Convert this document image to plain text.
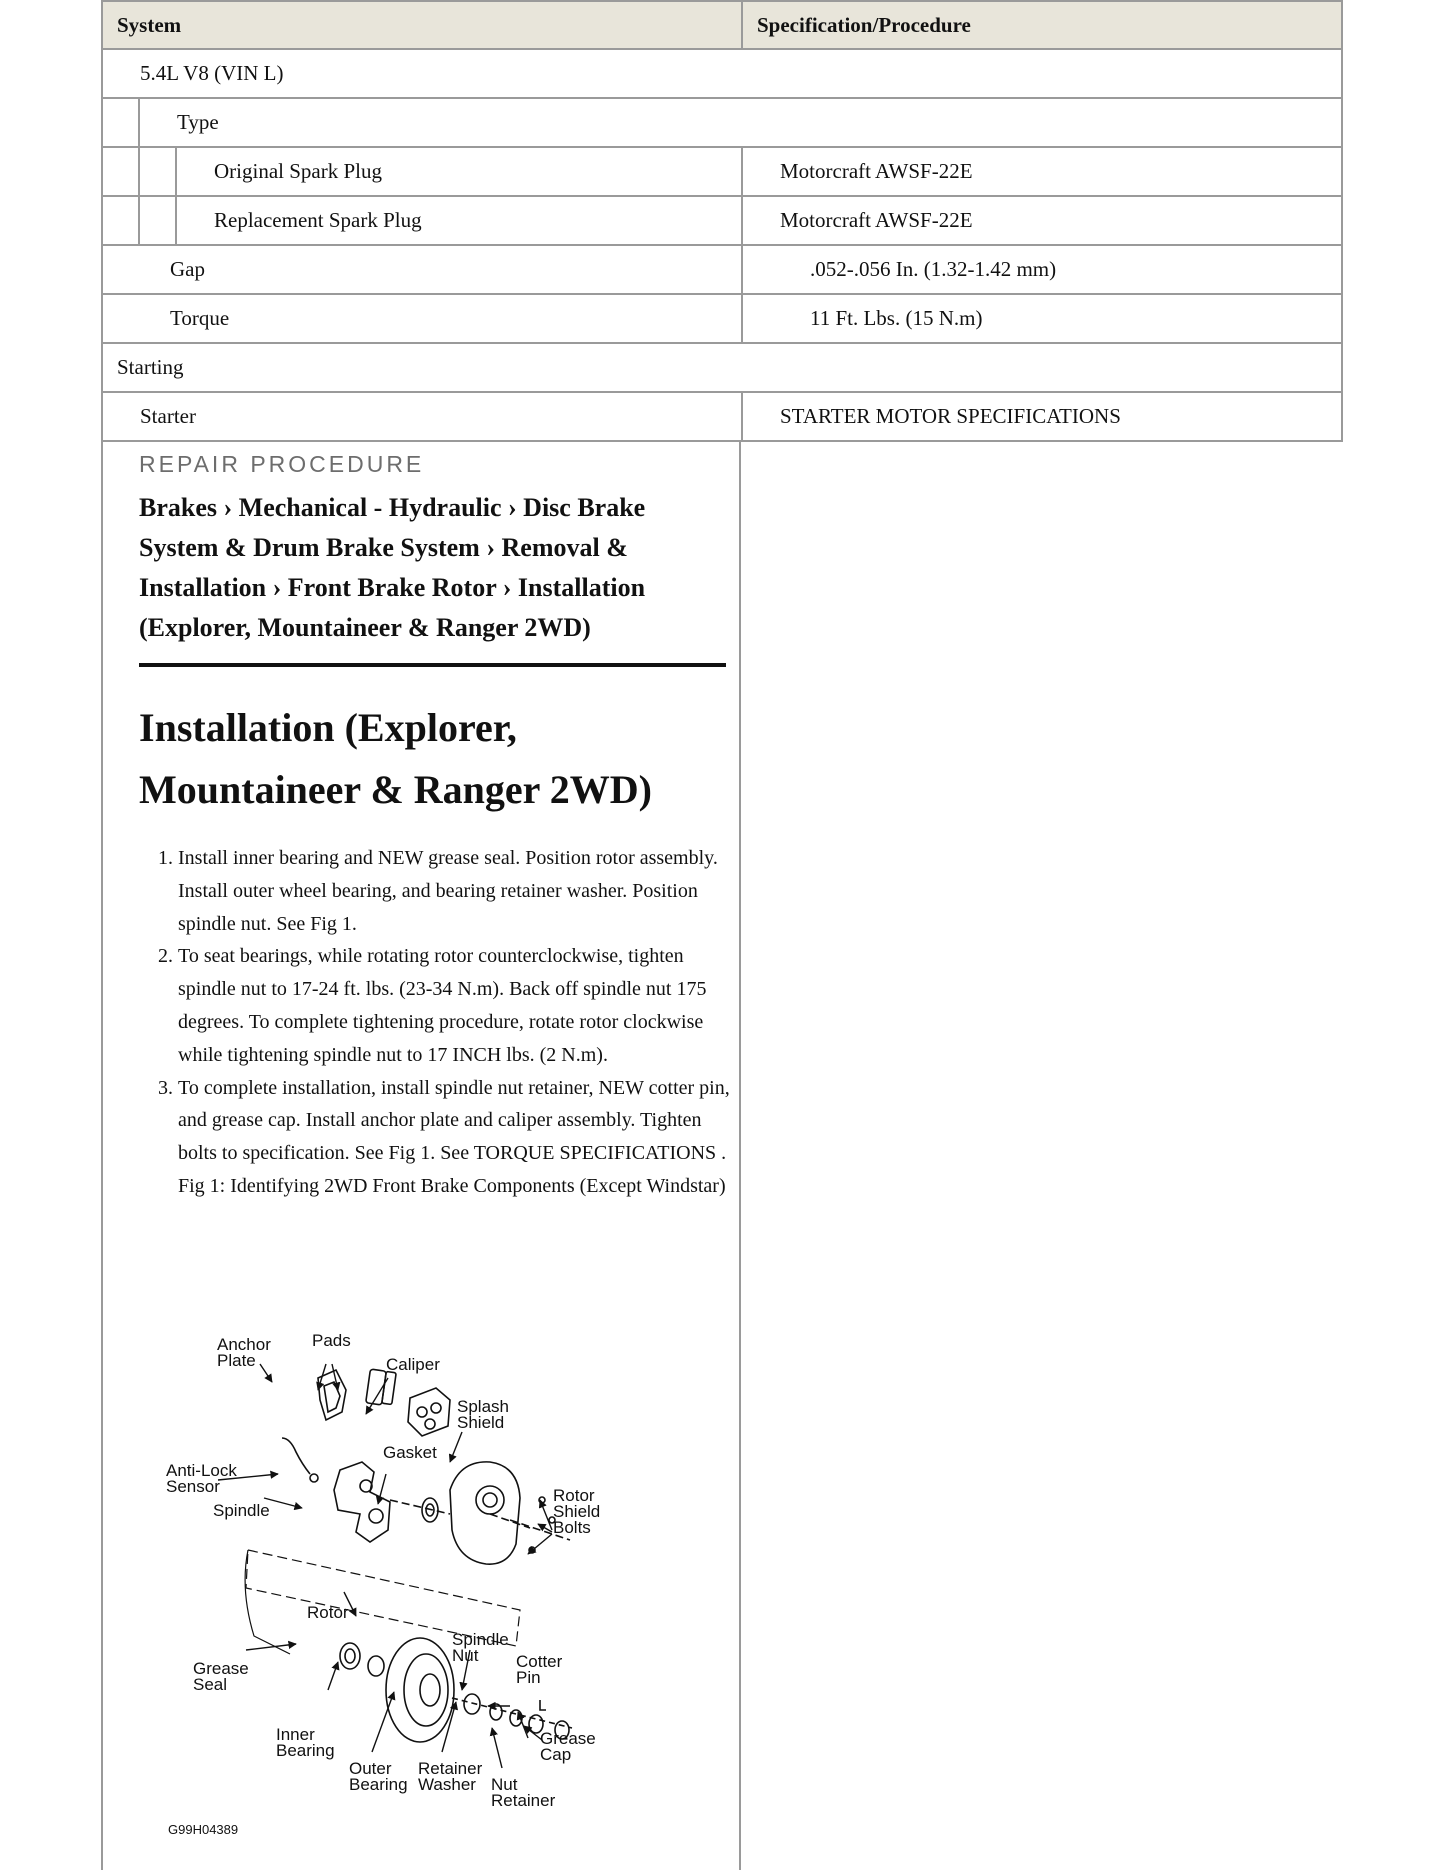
System	Specification/Procedure
5.4L V8 (VIN L)
Type
Original Spark Plug	Motorcraft AWSF-22E
Replacement Spark Plug	Motorcraft AWSF-22E
Gap	.052-.056 In. (1.32-1.42 mm)
Torque	11 Ft. Lbs. (15 N.m)
Starting
Starter	STARTER MOTOR SPECIFICATIONS
REPAIR PROCEDURE
Brakes › Mechanical - Hydraulic › Disc Brake System & Drum Brake System › Removal & Installation › Front Brake Rotor › Installation (Explorer, Mountaineer & Ranger 2WD)
Installation (Explorer, Mountaineer & Ranger 2WD)
1. Install inner bearing and NEW grease seal. Position rotor assembly. Install outer wheel bearing, and bearing retainer washer. Position spindle nut. See Fig 1.
2. To seat bearings, while rotating rotor counterclockwise, tighten spindle nut to 17-24 ft. lbs. (23-34 N.m). Back off spindle nut 175 degrees. To complete tightening procedure, rotate rotor clockwise while tightening spindle nut to 17 INCH lbs. (2 N.m).
3. To complete installation, install spindle nut retainer, NEW cotter pin, and grease cap. Install anchor plate and caliper assembly. Tighten bolts to specification. See Fig 1. See TORQUE SPECIFICATIONS .
Fig 1: Identifying 2WD Front Brake Components (Except Windstar)
Anchor
Plate
Pads
Caliper
Splash
Shield
Gasket
Anti-Lock
Sensor
Spindle
Rotor
Shield
Bolts
Rotor
Spindle
Nut Cotter
Pin
Grease
Seal
Inner
Bearing
Grease
Cap
Outer
Bearing
Retainer
Washer Nut
Retainer
G99H04389
